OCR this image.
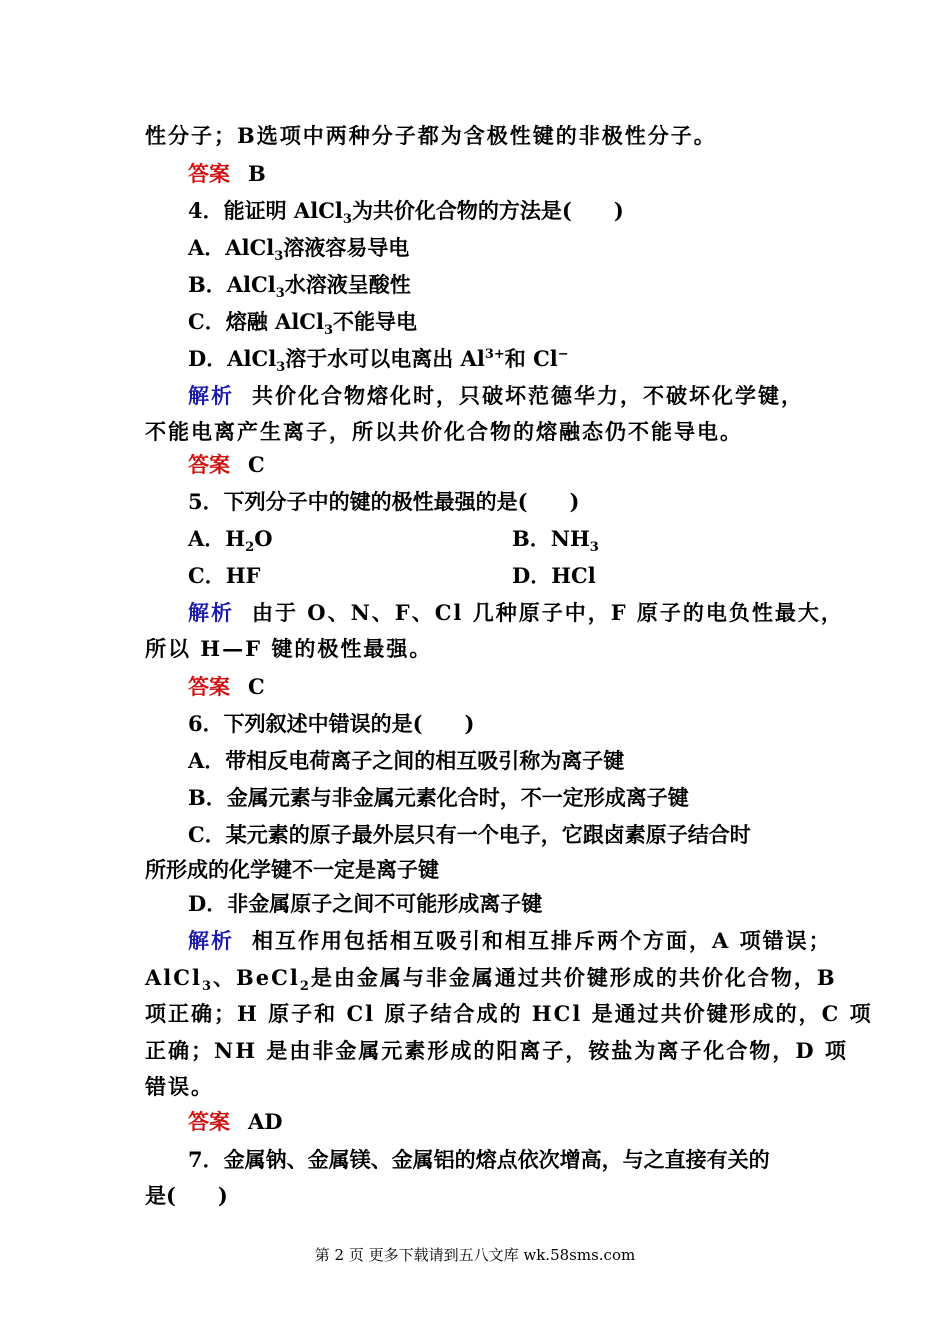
性分子；B选项中两种分子都为含极性键的非极性分子。
答案 B
4．能证明 AlCl$_3$为共价化合物的方法是(　　)
A．AlCl$_3$溶液容易导电
B．AlCl$_3$水溶液呈酸性
C．熔融 AlCl$_3$不能导电
D．AlCl$_3$溶于水可以电离出 $Al^{3+}$和 Cl−
解析 共价化合物熔化时，只破坏范德华力，不破坏化学键，
不能电离产生离子，所以共价化合物的熔融态仍不能导电。
答案 C
5．下列分子中的键的极性最强的是(　　)
A．$H_2O$	B．$NH_3$
C．HF	D．HCl
解析 由于 O、N、F、Cl 几种原子中，F 原子的电负性最大，
所以 H—F 键的极性最强。
答案 C
6．下列叙述中错误的是(　　)
A．带相反电荷离子之间的相互吸引称为离子键
B．金属元素与非金属元素化合时，不一定形成离子键
C．某元素的原子最外层只有一个电子，它跟卤素原子结合时
所形成的化学键不一定是离子键
D．非金属原子之间不可能形成离子键
解析 相互作用包括相互吸引和相互排斥两个方面，A 项错误；
AlCl$_3$、BeCl$_2$是由金属与非金属通过共价键形成的共价化合物，B
项正确；H 原子和 Cl 原子结合成的 HCl 是通过共价键形成的，C 项
正确；NH 是由非金属元素形成的阳离子，铵盐为离子化合物，D 项
错误。
答案 AD
7．金属钠、金属镁、金属铝的熔点依次增高，与之直接有关的
是(　　)
第 2 页 更多下载请到五八文库 wk.58sms.com
